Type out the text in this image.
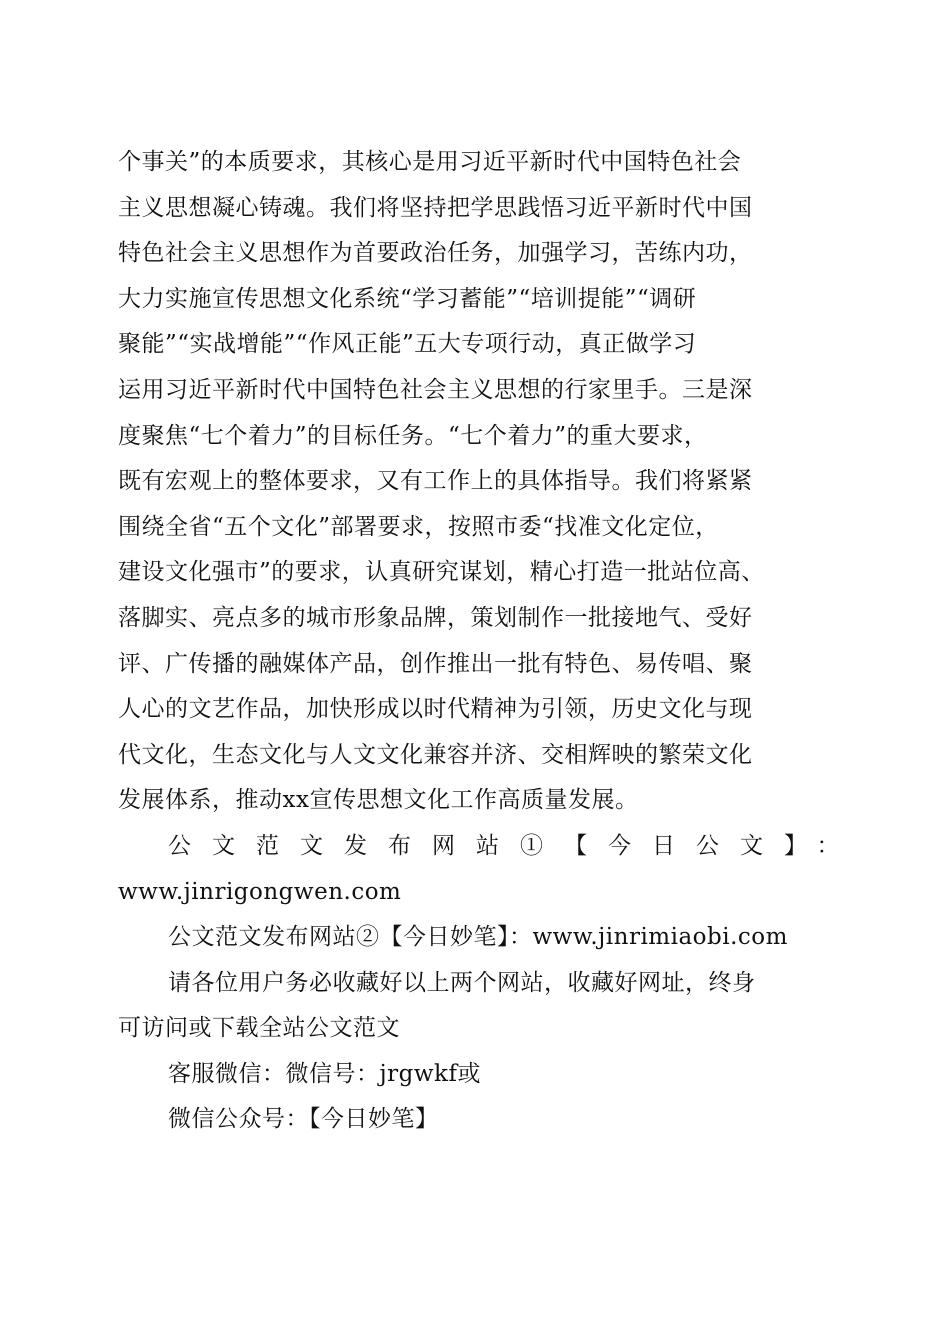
个事关”的本质要求，其核心是用习近平新时代中国特色社会
主义思想凝心铸魂。我们将坚持把学思践悟习近平新时代中国
特色社会主义思想作为首要政治任务，加强学习，苦练内功，
大力实施宣传思想文化系统“学习蓄能”“培训提能”“调研
聚能”“实战增能”“作风正能”五大专项行动，真正做学习
运用习近平新时代中国特色社会主义思想的行家里手。三是深
度聚焦“七个着力”的目标任务。“七个着力”的重大要求，
既有宏观上的整体要求，又有工作上的具体指导。我们将紧紧
围绕全省“五个文化”部署要求，按照市委“找准文化定位，
建设文化强市”的要求，认真研究谋划，精心打造一批站位高、
落脚实、亮点多的城市形象品牌，策划制作一批接地气、受好
评、广传播的融媒体产品，创作推出一批有特色、易传唱、聚
人心的文艺作品，加快形成以时代精神为引领，历史文化与现
代文化，生态文化与人文文化兼容并济、交相辉映的繁荣文化
发展体系，推动xx宣传思想文化工作高质量发展。
公文范文发布网站①【今日公文】：
www.jinrigongwen.com
公文范文发布网站②【今日妙笔】：www.jinrimiaobi.com
请各位用户务必收藏好以上两个网站，收藏好网址，终身
可访问或下载全站公文范文
客服微信：微信号：jrgwkf或
微信公众号：【今日妙笔】
